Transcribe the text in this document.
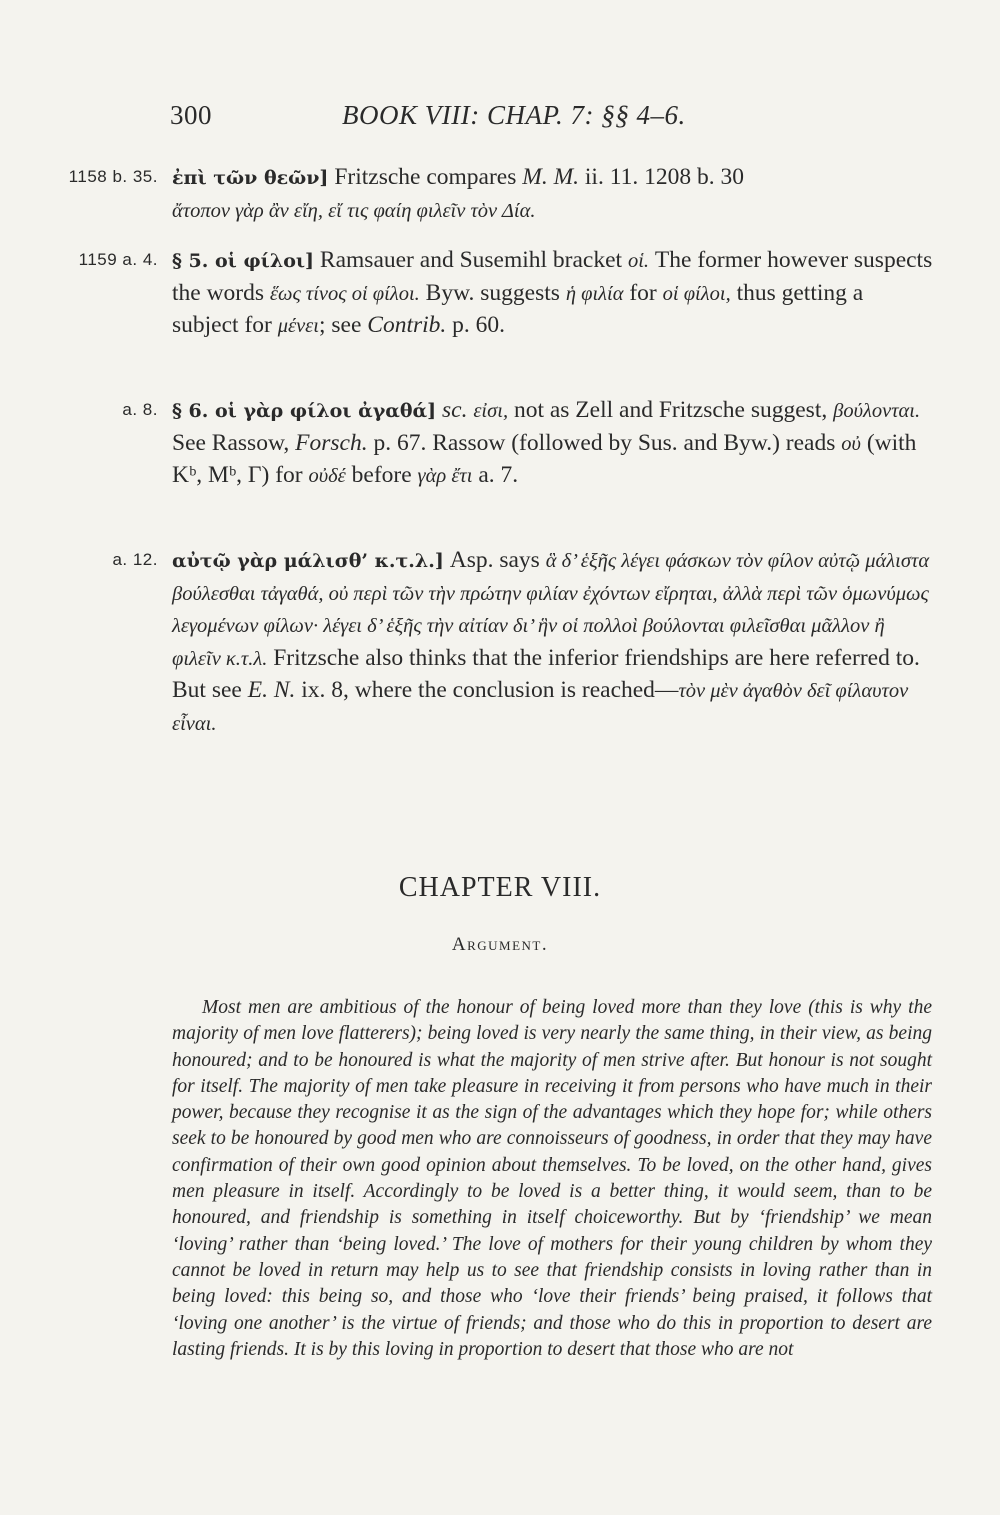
300	BOOK VIII: CHAP. 7: §§ 4–6.
1158 b. 35. ἐπὶ τῶν θεῶν] Fritzsche compares M. M. ii. 11. 1208 b. 30
ἄτοπον γὰρ ἂν εἴη, εἴ τις φαίη φιλεῖν τὸν Δία.
1159 a. 4. § 5. οἱ φίλοι] Ramsauer and Susemihl bracket οἱ. The former however suspects the words ἕως τίνος οἱ φίλοι. Byw. suggests ἡ φιλία for οἱ φίλοι, thus getting a subject for μένει; see Contrib. p. 60.
a. 8. § 6. οἱ γὰρ φίλοι ἀγαθά] sc. εἰσι, not as Zell and Fritzsche suggest, βούλονται. See Rassow, Forsch. p. 67. Rassow (followed by Sus. and Byw.) reads οὐ (with Kᵇ, Mᵇ, Γ) for οὐδέ before γὰρ ἔτι a. 7.
a. 12. αὐτῷ γὰρ μάλισθ’ κ.τ.λ.] Asp. says ἃ δ’ ἑξῆς λέγει φάσκων τὸν φίλον αὐτῷ μάλιστα βούλεσθαι τἀγαθά, οὐ περὶ τῶν τὴν πρώτην φιλίαν ἐχόντων εἴρηται, ἀλλὰ περὶ τῶν ὁμωνύμως λεγομένων φίλων· λέγει δ’ ἑξῆς τὴν αἰτίαν δι’ ἣν οἱ πολλοὶ βούλονται φιλεῖσθαι μᾶλλον ἢ φιλεῖν κ.τ.λ. Fritzsche also thinks that the inferior friendships are here referred to. But see E. N. ix. 8, where the conclusion is reached—τὸν μὲν ἀγαθὸν δεῖ φίλαυτον εἶναι.
CHAPTER VIII.
Argument.
Most men are ambitious of the honour of being loved more than they love (this is why the majority of men love flatterers); being loved is very nearly the same thing, in their view, as being honoured; and to be honoured is what the majority of men strive after. But honour is not sought for itself. The majority of men take pleasure in receiving it from persons who have much in their power, because they recognise it as the sign of the advantages which they hope for; while others seek to be honoured by good men who are connoisseurs of goodness, in order that they may have confirmation of their own good opinion about themselves. To be loved, on the other hand, gives men pleasure in itself. Accordingly to be loved is a better thing, it would seem, than to be honoured, and friendship is something in itself choiceworthy. But by ‘friendship’ we mean ‘loving’ rather than ‘being loved.’ The love of mothers for their young children by whom they cannot be loved in return may help us to see that friendship consists in loving rather than in being loved: this being so, and those who ‘love their friends’ being praised, it follows that ‘loving one another’ is the virtue of friends; and those who do this in proportion to desert are lasting friends. It is by this loving in proportion to desert that those who are not
